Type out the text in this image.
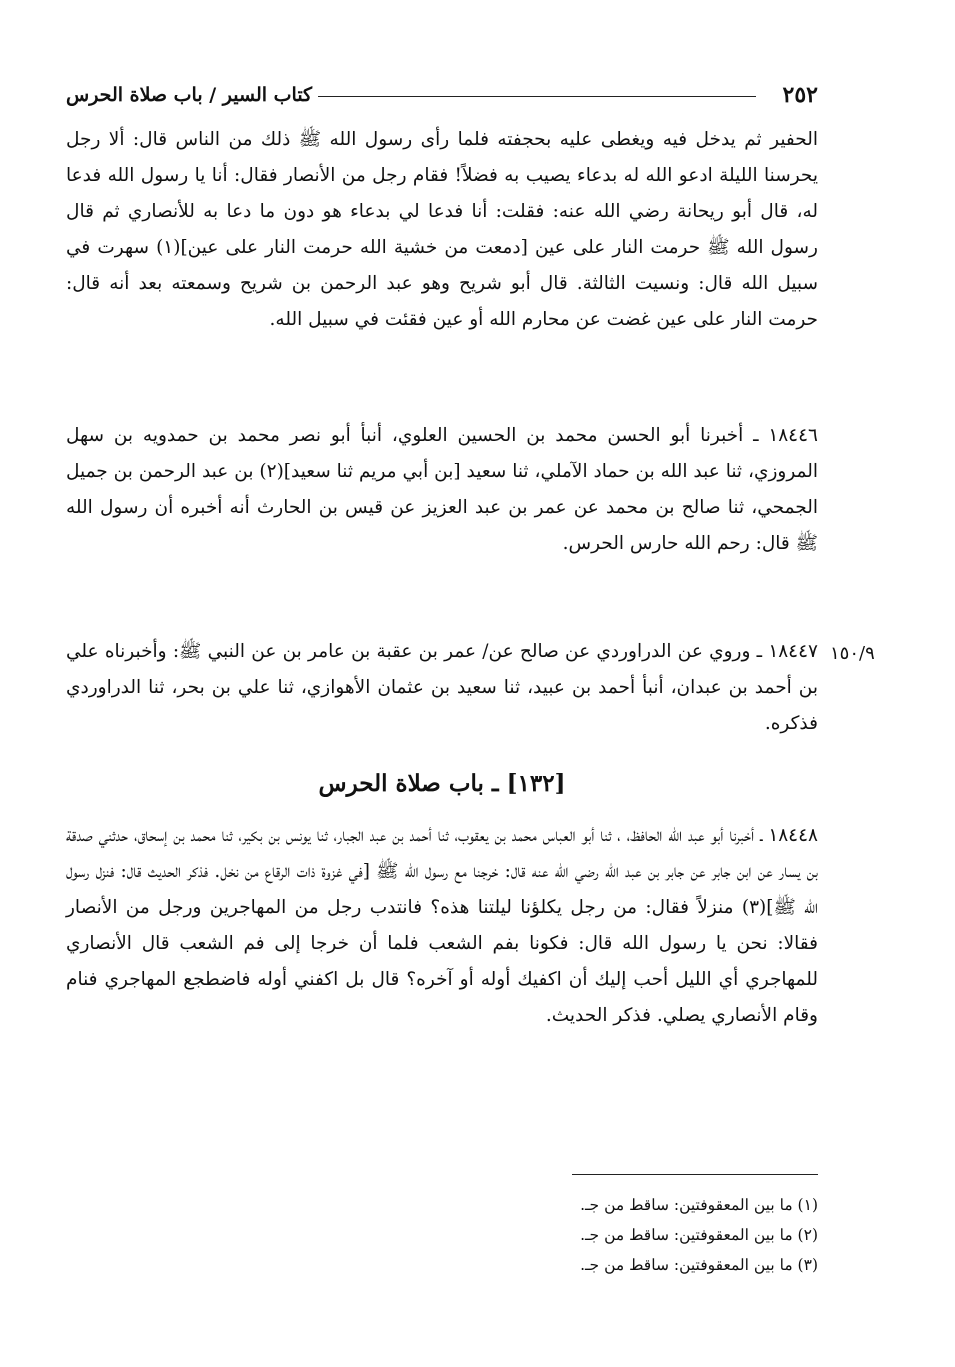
٢٥٢
كتاب السير / باب صلاة الحرس
الحفير ثم يدخل فيه ويغطى عليه بحجفته فلما رأى رسول الله ﷺ ذلك من الناس قال: ألا رجل يحرسنا الليلة ادعو الله له بدعاء يصيب به فضلاً! فقام رجل من الأنصار فقال: أنا يا رسول الله فدعا له، قال أبو ريحانة رضي الله عنه: فقلت: أنا فدعا لي بدعاء هو دون ما دعا به للأنصاري ثم قال رسول الله ﷺ حرمت النار على عين [دمعت من خشية الله حرمت النار على عين](١) سهرت في سبيل الله قال: ونسيت الثالثة. قال أبو شريح وهو عبد الرحمن بن شريح وسمعته بعد أنه قال: حرمت النار على عين غضت عن محارم الله أو عين فقئت في سبيل الله.
١٨٤٤٦ ـ أخبرنا أبو الحسن محمد بن الحسين العلوي، أنبأ أبو نصر محمد بن حمدويه بن سهل المروزي، ثنا عبد الله بن حماد الآملي، ثنا سعيد [بن أبي مريم ثنا سعيد](٢) بن عبد الرحمن بن جميل الجمحي، ثنا صالح بن محمد عن عمر بن عبد العزيز عن قيس بن الحارث أنه أخبره أن رسول الله ﷺ قال: رحم الله حارس الحرس.
١٥٠/٩
١٨٤٤٧ ـ وروي عن الدراوردي عن صالح عن/ عمر بن عقبة بن عامر بن عن النبي ﷺ: وأخبرناه علي بن أحمد بن عبدان، أنبأ أحمد بن عبيد، ثنا سعيد بن عثمان الأهوازي، ثنا علي بن بحر، ثنا الدراوردي فذكره.
[١٣٢] ـ باب صلاة الحرس
١٨٤٤٨ ـ أخبرنا أبو عبد الله الحافظ، ، ثنا أبو العباس محمد بن يعقوب، ثنا أحمد بن عبد الجبار، ثنا يونس بن بكير، ثنا محمد بن إسحاق، حدثني صدقة بن يسار عن ابن جابر عن جابر بن عبد الله رضي الله عنه قال: خرجنا مع رسول الله ﷺ [في غزوة ذات الرقاع من نخل. فذكر الحديث قال: فنزل رسول الله ﷺ](٣) منزلاً فقال: من رجل يكلؤنا ليلتنا هذه؟ فانتدب رجل من المهاجرين ورجل من الأنصار فقالا: نحن يا رسول الله قال: فكونا بفم الشعب فلما أن خرجا إلى فم الشعب قال الأنصاري للمهاجري أي الليل أحب إليك أن اكفيك أوله أو آخره؟ قال بل اكفني أوله فاضطجع المهاجري فنام وقام الأنصاري يصلي. فذكر الحديث.
(١) ما بين المعقوفتين: ساقط من جـ.
(٢) ما بين المعقوفتين: ساقط من جـ.
(٣) ما بين المعقوفتين: ساقط من جـ.
